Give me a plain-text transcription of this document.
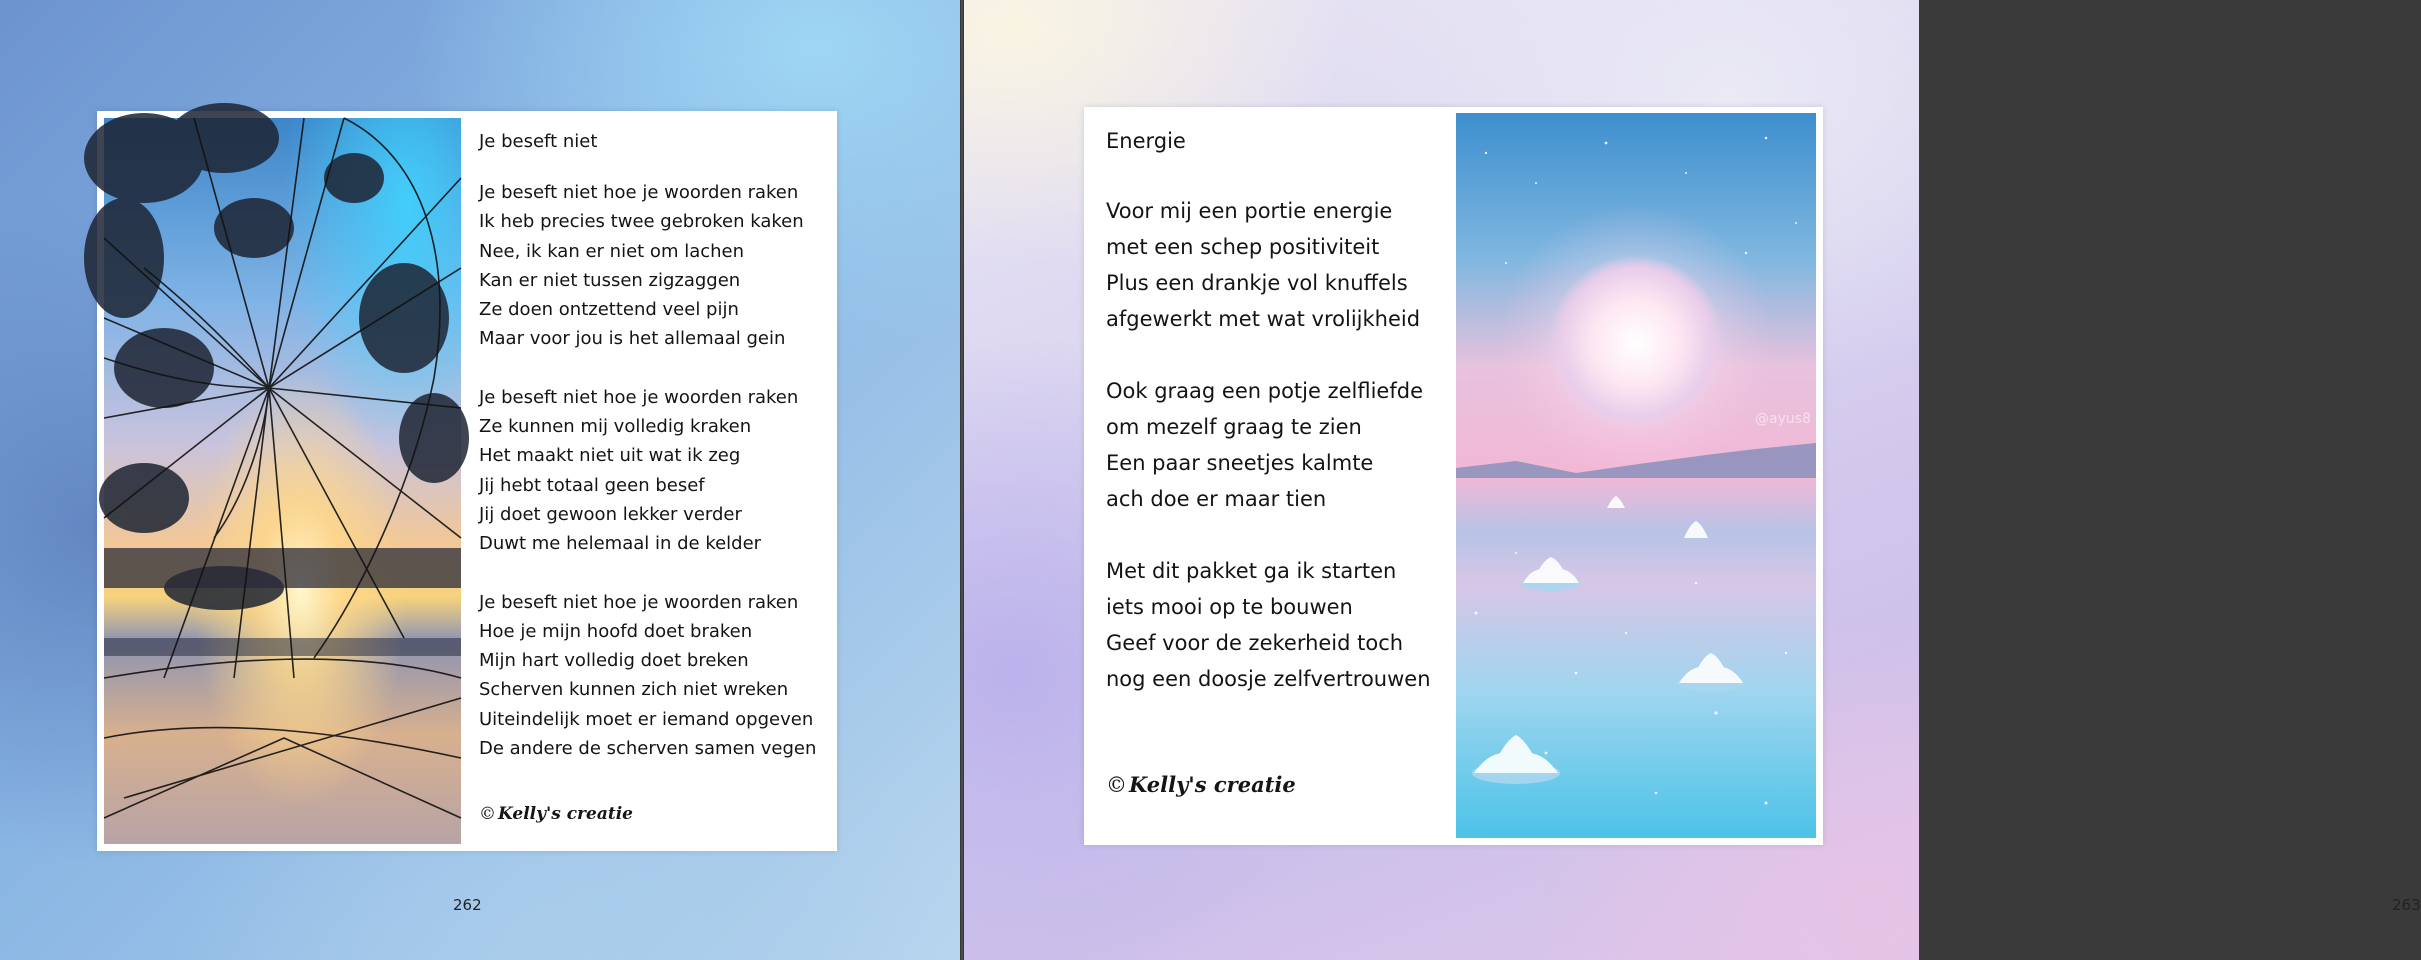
Je beseft niet
Je beseft niet hoe je woorden raken
Ik heb precies twee gebroken kaken
Nee, ik kan er niet om lachen
Kan er niet tussen zigzaggen
Ze doen ontzettend veel pijn
Maar voor jou is het allemaal gein
Je beseft niet hoe je woorden raken
Ze kunnen mij volledig kraken
Het maakt niet uit wat ik zeg
Jij hebt totaal geen besef
Jij doet gewoon lekker verder
Duwt me helemaal in de kelder
Je beseft niet hoe je woorden raken
Hoe je mijn hoofd doet braken
Mijn hart volledig doet breken
Scherven kunnen zich niet wreken
Uiteindelijk moet er iemand opgeven
De andere de scherven samen vegen
© Kelly's creatie
262
Energie
Voor mij een portie energie
met een schep positiviteit
Plus een drankje vol knuffels
afgewerkt met wat vrolijkheid
Ook graag een potje zelfliefde
om mezelf graag te zien
Een paar sneetjes kalmte
ach doe er maar tien
Met dit pakket ga ik starten
iets mooi op te bouwen
Geef voor de zekerheid toch
nog een doosje zelfvertrouwen
© Kelly's creatie
@ayus8
263
